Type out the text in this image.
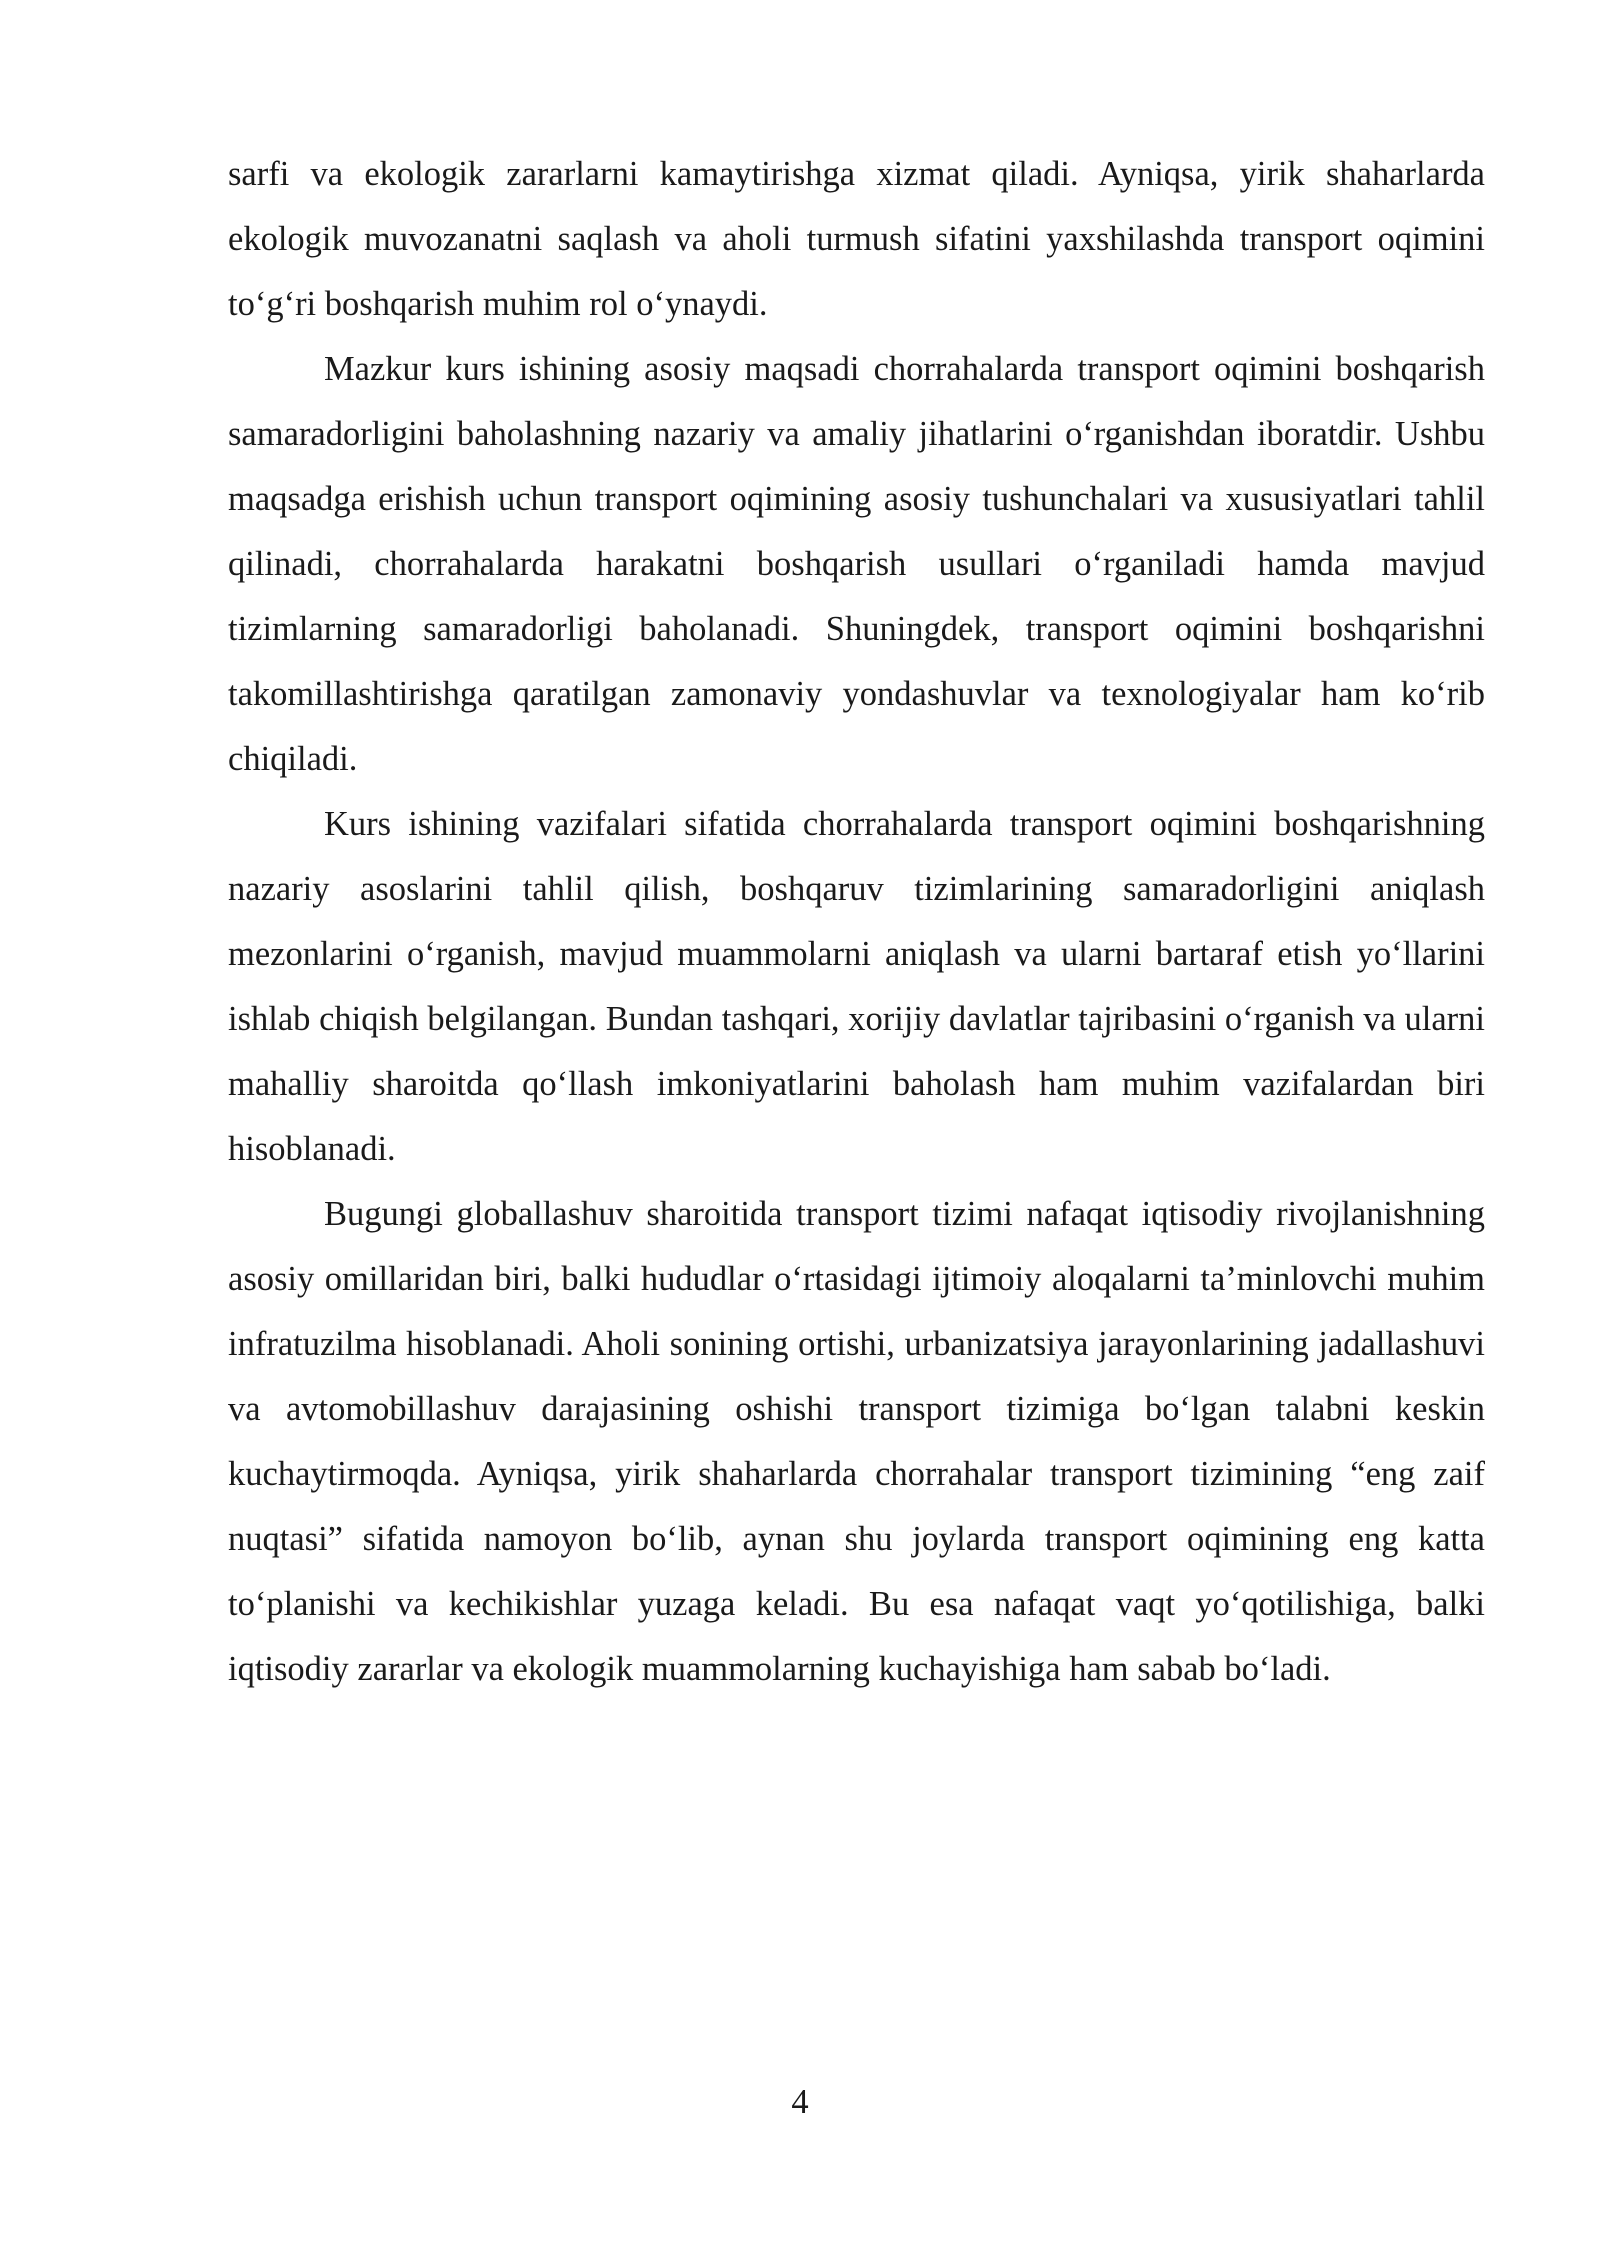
sarfi va ekologik zararlarni kamaytirishga xizmat qiladi. Ayniqsa, yirik shaharlarda ekologik muvozanatni saqlash va aholi turmush sifatini yaxshilashda transport oqimini to‘g‘ri boshqarish muhim rol o‘ynaydi.

Mazkur kurs ishining asosiy maqsadi chorrahalarda transport oqimini boshqarish samaradorligini baholashning nazariy va amaliy jihatlarini o‘rganishdan iboratdir. Ushbu maqsadga erishish uchun transport oqimining asosiy tushunchalari va xususiyatlari tahlil qilinadi, chorrahalarda harakatni boshqarish usullari o‘rganiladi hamda mavjud tizimlarning samaradorligi baholanadi. Shuningdek, transport oqimini boshqarishni takomillashtirishga qaratilgan zamonaviy yondashuvlar va texnologiyalar ham ko‘rib chiqiladi.

Kurs ishining vazifalari sifatida chorrahalarda transport oqimini boshqarishning nazariy asoslarini tahlil qilish, boshqaruv tizimlarining samaradorligini aniqlash mezonlarini o‘rganish, mavjud muammolarni aniqlash va ularni bartaraf etish yo‘llarini ishlab chiqish belgilangan. Bundan tashqari, xorijiy davlatlar tajribasini o‘rganish va ularni mahalliy sharoitda qo‘llash imkoniyatlarini baholash ham muhim vazifalardan biri hisoblanadi.

Bugungi globallashuv sharoitida transport tizimi nafaqat iqtisodiy rivojlanishning asosiy omillaridan biri, balki hududlar o‘rtasidagi ijtimoiy aloqalarni ta’minlovchi muhim infratuzilma hisoblanadi. Aholi sonining ortishi, urbanizatsiya jarayonlarining jadallashuvi va avtomobillashuv darajasining oshishi transport tizimiga bo‘lgan talabni keskin kuchaytirmoqda. Ayniqsa, yirik shaharlarda chorrahalar transport tizimining “eng zaif nuqtasi” sifatida namoyon bo‘lib, aynan shu joylarda transport oqimining eng katta to‘planishi va kechikishlar yuzaga keladi. Bu esa nafaqat vaqt yo‘qotilishiga, balki iqtisodiy zararlar va ekologik muammolarning kuchayishiga ham sabab bo‘ladi.

4
